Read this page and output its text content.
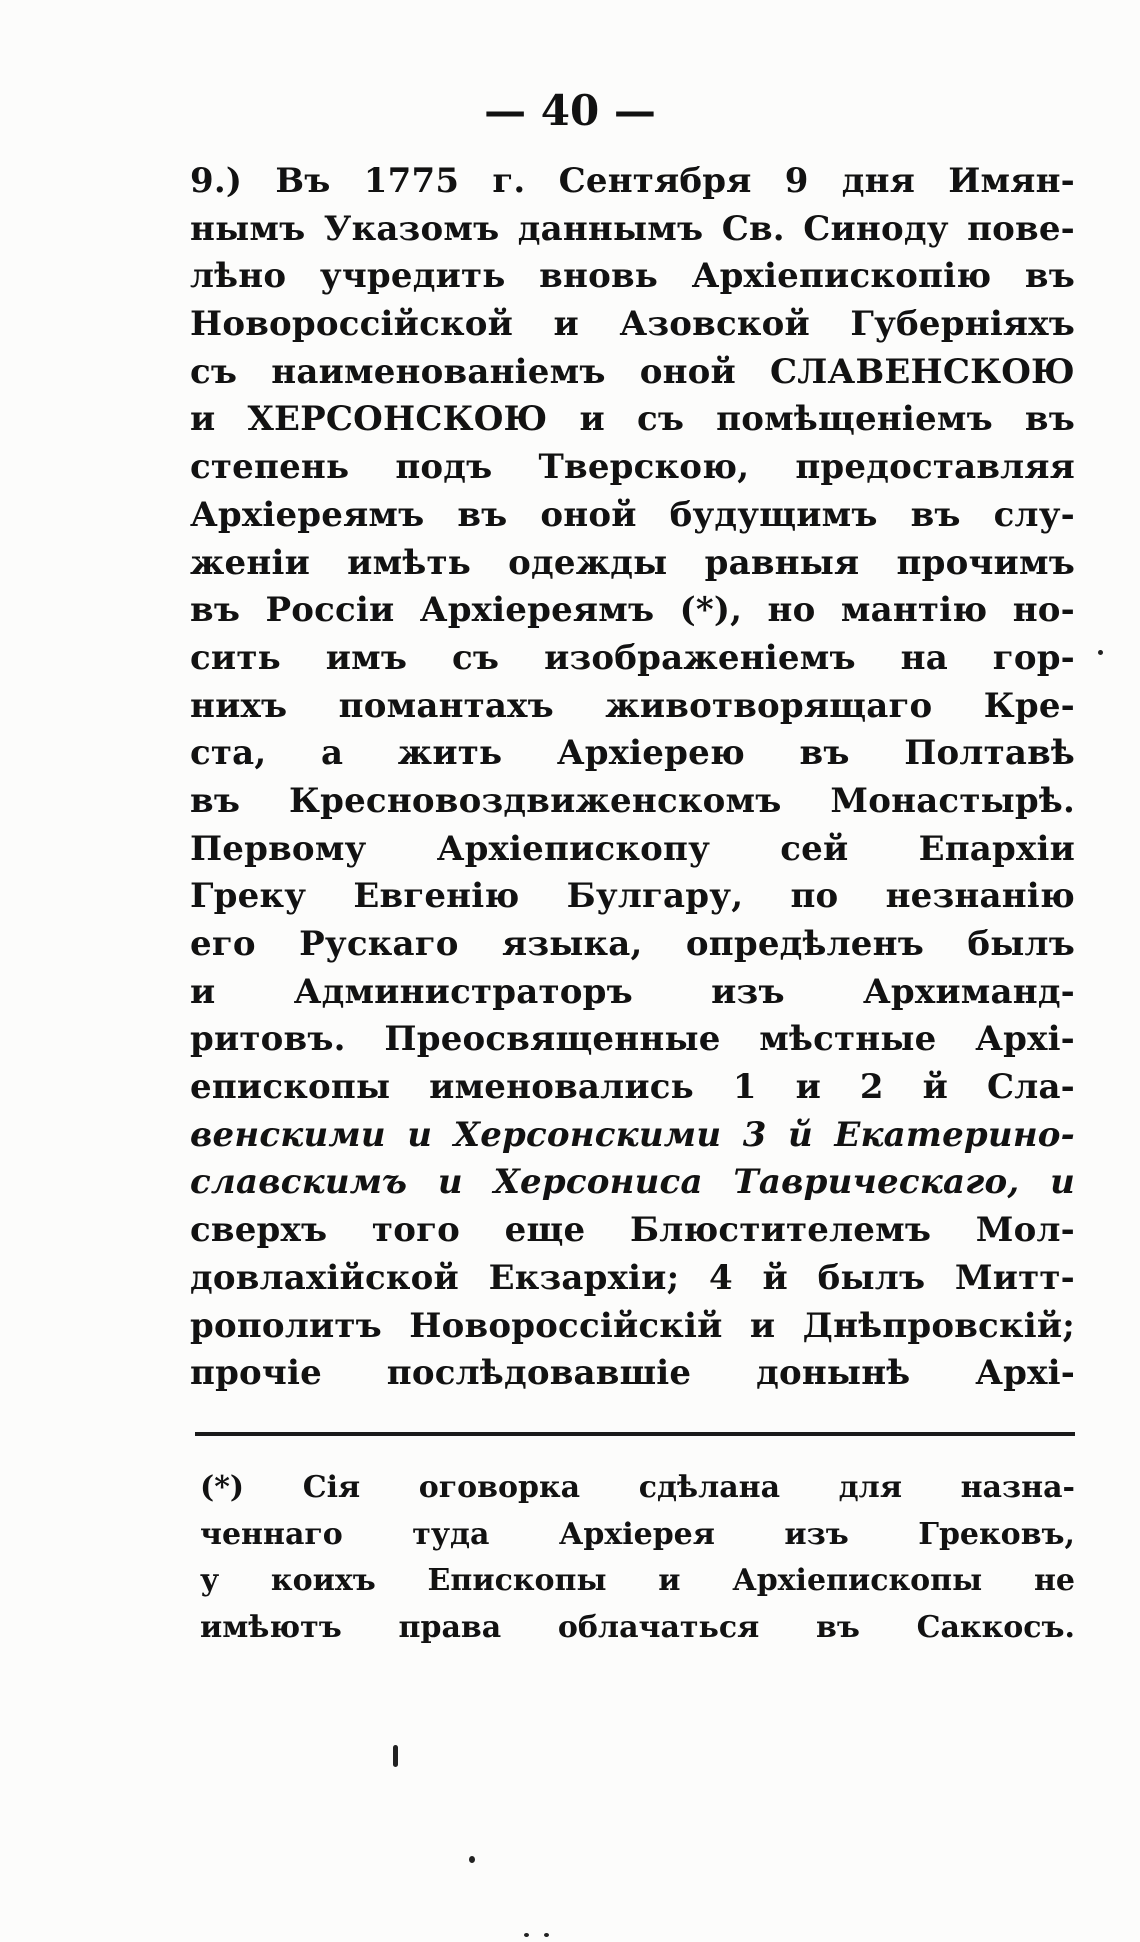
— 40 —
9.) Въ 1775 г. Сентября 9 дня Имян-
нымъ Указомъ даннымъ Св. Синоду пове-
лѣно учредить вновь Архіепископію въ
Новороссійской и Азовской Губерніяхъ
съ наименованіемъ оной СЛАВЕНСКОЮ
и ХЕРСОНСКОЮ и съ помѣщеніемъ въ
степень подъ Тверскою, предоставляя
Архіереямъ въ оной будущимъ въ слу-
женіи имѣть одежды равныя прочимъ
въ Россіи Архіереямъ (*), но мантію но-
сить имъ съ изображеніемъ на гор-
нихъ помантахъ животворящаго Кре-
ста, а жить Архіерею въ Полтавѣ
въ Кресновоздвиженскомъ Монастырѣ.
Первому Архіепископу сей Епархіи
Греку Евгенію Булгару, по незнанію
его Рускаго языка, опредѣленъ былъ
и Администраторъ изъ Архиманд-
ритовъ. Преосвященные мѣстные Архі-
епископы именовались 1 и 2 й Сла-
венскими и Херсонскими 3 й Екатерино-
славскимъ и Херсониса Таврическаго, и
сверхъ того еще Блюстителемъ Мол-
довлахійской Екзархіи; 4 й былъ Митт-
рополитъ Новороссійскій и Днѣпровскій;
прочіе послѣдовавшіе донынѣ Архі-
(*) Сія оговорка сдѣлана для назна-
ченнаго туда Архіерея изъ Грековъ,
у коихъ Епископы и Архіепископы не
имѣютъ права облачаться въ Саккосъ.
